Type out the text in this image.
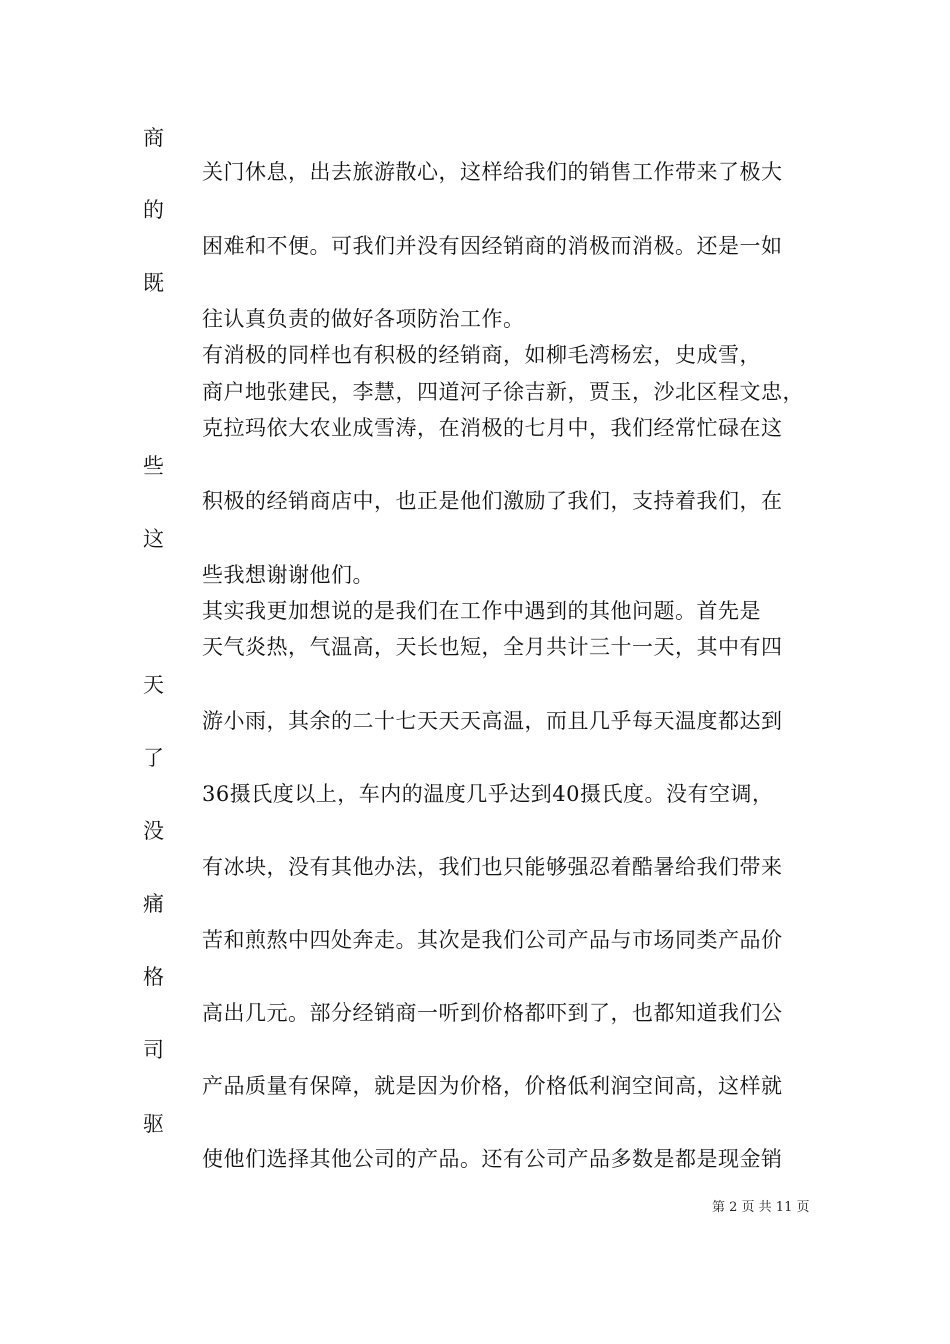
商
关门休息，出去旅游散心，这样给我们的销售工作带来了极大
的
困难和不便。可我们并没有因经销商的消极而消极。还是一如
既
往认真负责的做好各项防治工作。
有消极的同样也有积极的经销商，如柳毛湾杨宏，史成雪，
商户地张建民，李慧，四道河子徐吉新，贾玉，沙北区程文忠，
克拉玛依大农业成雪涛，在消极的七月中，我们经常忙碌在这
些
积极的经销商店中，也正是他们激励了我们，支持着我们，在
这
些我想谢谢他们。
其实我更加想说的是我们在工作中遇到的其他问题。首先是
天气炎热，气温高，天长也短，全月共计三十一天，其中有四
天
游小雨，其余的二十七天天天高温，而且几乎每天温度都达到
了
36摄氏度以上，车内的温度几乎达到40摄氏度。没有空调，
没
有冰块，没有其他办法，我们也只能够强忍着酷暑给我们带来
痛
苦和煎熬中四处奔走。其次是我们公司产品与市场同类产品价
格
高出几元。部分经销商一听到价格都吓到了，也都知道我们公
司
产品质量有保障，就是因为价格，价格低利润空间高，这样就
驱
使他们选择其他公司的产品。还有公司产品多数是都是现金销
第 2 页 共 11 页
